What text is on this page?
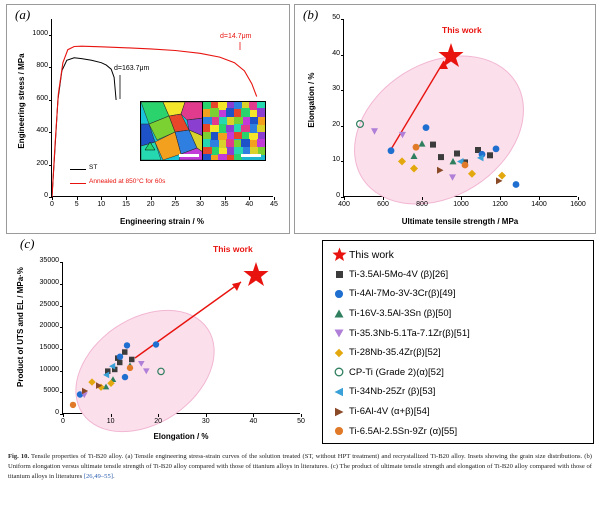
(a)
Engineering stress / MPa
Engineering strain / %
0
200
400
600
800
1000
0	5	10	15	20	25	30	35	40	45
d=163.7μm
d=14.7μm
ST
Annealed at 850°C for 60s
(b)
Elongation / %
Ultimate tensile strength / MPa
0
10
20
30
40
50
400	600	800	1000	1200	1400	1600
This work
(c)
Product of UTS and EL / MPa·%
Elongation / %
0
5000
10000
15000
20000
25000
30000
35000
0	10	20	30	40	50
This work	This work
Ti-3.5Al-5Mo-4V (β)[26]
Ti-4Al-7Mo-3V-3Cr(β)[49]
Ti-16V-3.5Al-3Sn (β)[50]
Ti-35.3Nb-5.1Ta-7.1Zr(β)[51]
Ti-28Nb-35.4Zr(β)[52]
CP-Ti (Grade 2)(α)[52]
Ti-34Nb-25Zr (β)[53]
Ti-6Al-4V (α+β)[54]
Ti-6.5Al-2.5Sn-9Zr (α)[55]
Fig. 10. Tensile properties of Ti-B20 alloy. (a) Tensile engineering stress-strain curves of the solution treated (ST, without HPT treatment) and recrystallized Ti-B20 alloy. Insets showing the grain size distributions. (b) Uniform elongation versus ultimate tensile strength of Ti-B20 alloy compared with those of titanium alloys in literatures. (c) The product of ultimate tensile strength and elongation of Ti-B20 alloy compared with those of titanium alloys in literatures [26,49–55].
